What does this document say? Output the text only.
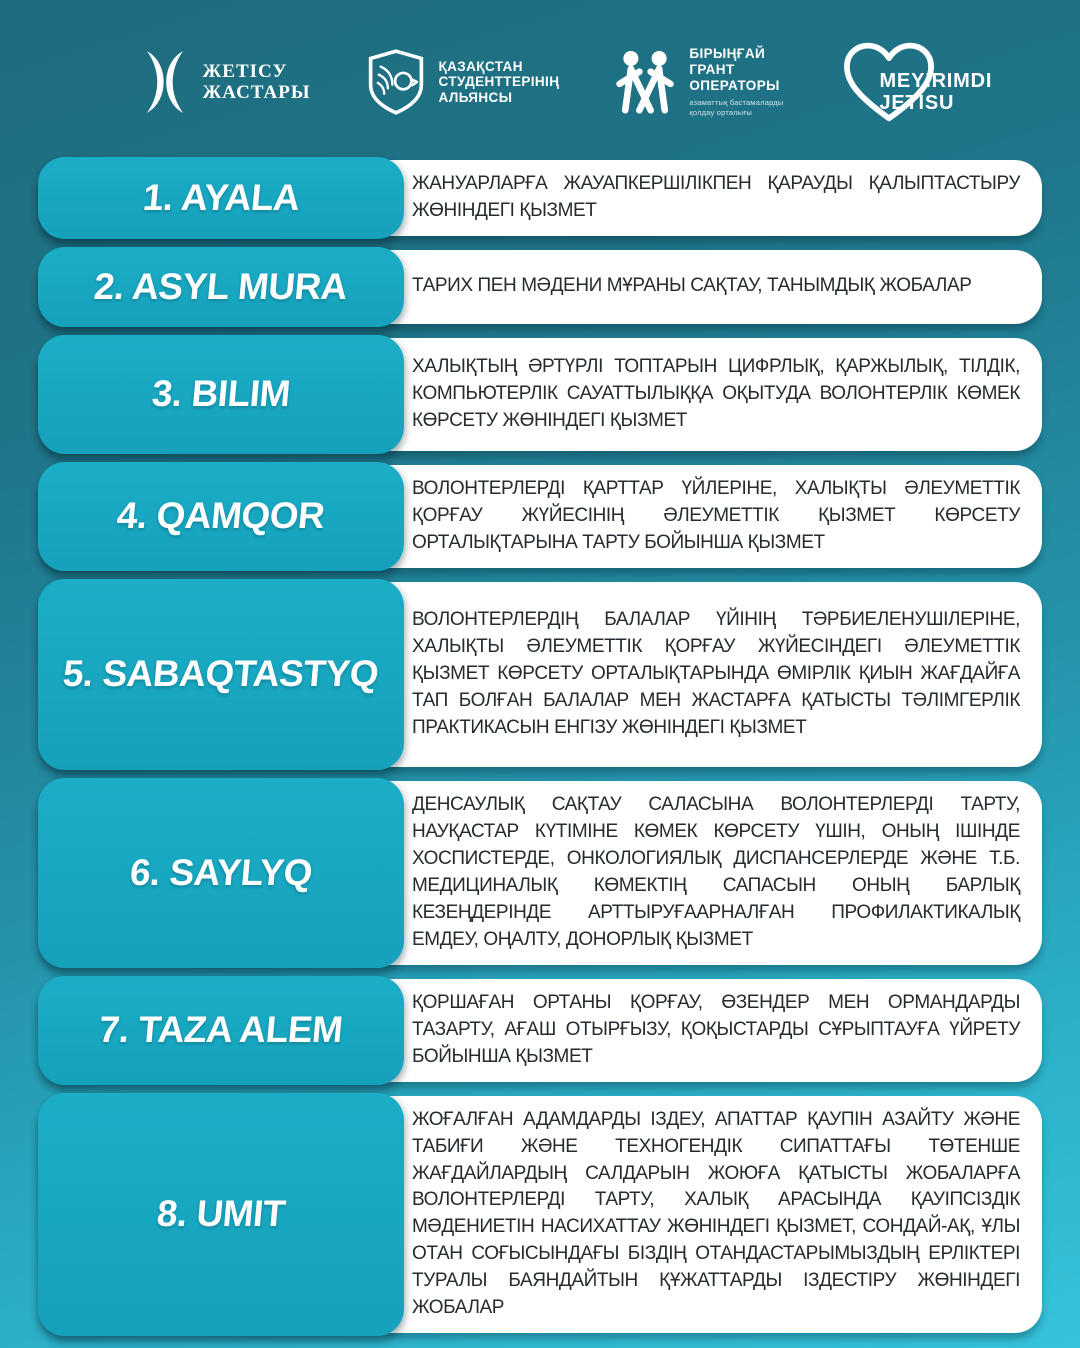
ЖЕТІСУ
ЖАСТАРЫ
ҚАЗАҚСТАН
СТУДЕНТТЕРІНІҢ
АЛЬЯНСЫ
БІРЫҢҒАЙ
ГРАНТ
ОПЕРАТОРЫ
азаматтық бастамаларды
қолдау орталығы
MEYIRIMDI
JETISU

ЖАНУАРЛАРҒА ЖАУАПКЕРШІЛІКПЕН ҚАРАУДЫ ҚАЛЫПТАСТЫРУ ЖӨНІНДЕГІ ҚЫЗМЕТ

1. AYALA

ТАРИХ ПЕН МӘДЕНИ МҰРАНЫ САҚТАУ, ТАНЫМДЫҚ ЖОБАЛАР

2. ASYL MURA

ХАЛЫҚТЫҢ ӘРТҮРЛІ ТОПТАРЫН ЦИФРЛЫҚ, ҚАРЖЫЛЫҚ, ТІЛДІК, КОМПЬЮТЕРЛІК САУАТТЫЛЫҚҚА ОҚЫТУДА ВОЛОНТЕРЛІК КӨМЕК КӨРСЕТУ ЖӨНІНДЕГІ ҚЫЗМЕТ

3. BILIM

ВОЛОНТЕРЛЕРДІ ҚАРТТАР ҮЙЛЕРІНЕ, ХАЛЫҚТЫ ӘЛЕУМЕТТІК ҚОРҒАУ ЖҮЙЕСІНІҢ ӘЛЕУМЕТТІК ҚЫЗМЕТ КӨРСЕТУ ОРТАЛЫҚТАРЫНА ТАРТУ БОЙЫНША ҚЫЗМЕТ

4. QAMQOR

ВОЛОНТЕРЛЕРДІҢ БАЛАЛАР ҮЙІНІҢ ТӘРБИЕЛЕНУШІЛЕРІНЕ, ХАЛЫҚТЫ ӘЛЕУМЕТТІК ҚОРҒАУ ЖҮЙЕСІНДЕГІ ӘЛЕУМЕТТІК ҚЫЗМЕТ КӨРСЕТУ ОРТАЛЫҚТАРЫНДА ӨМІРЛІК ҚИЫН ЖАҒДАЙҒА ТАП БОЛҒАН БАЛАЛАР МЕН ЖАСТАРҒА ҚАТЫСТЫ ТӘЛІМГЕРЛІК ПРАКТИКАСЫН ЕНГІЗУ ЖӨНІНДЕГІ ҚЫЗМЕТ

5. SABAQTASTYQ

ДЕНСАУЛЫҚ САҚТАУ САЛАСЫНА ВОЛОНТЕРЛЕРДІ ТАРТУ, НАУҚАСТАР КҮТІМІНЕ КӨМЕК КӨРСЕТУ ҮШІН, ОНЫҢ ІШІНДЕ ХОСПИСТЕРДЕ, ОНКОЛОГИЯЛЫҚ ДИСПАНСЕРЛЕРДЕ ЖӘНЕ Т.Б. МЕДИЦИНАЛЫҚ КӨМЕКТІҢ САПАСЫН ОНЫҢ БАРЛЫҚ КЕЗЕҢДЕРІНДЕ АРТТЫРУҒААРНАЛҒАН ПРОФИЛАКТИКАЛЫҚ ЕМДЕУ, ОҢАЛТУ, ДОНОРЛЫҚ ҚЫЗМЕТ

6. SAYLYQ

ҚОРШАҒАН ОРТАНЫ ҚОРҒАУ, ӨЗЕНДЕР МЕН ОРМАНДАРДЫ ТАЗАРТУ, АҒАШ ОТЫРҒЫЗУ, ҚОҚЫСТАРДЫ СҰРЫПТАУҒА ҮЙРЕТУ БОЙЫНША ҚЫЗМЕТ

7. TAZA ALEM

ЖОҒАЛҒАН АДАМДАРДЫ ІЗДЕУ, АПАТТАР ҚАУПІН АЗАЙТУ ЖӘНЕ ТАБИҒИ ЖӘНЕ ТЕХНОГЕНДІК СИПАТТАҒЫ ТӨТЕНШЕ ЖАҒДАЙЛАРДЫҢ САЛДАРЫН ЖОЮҒА ҚАТЫСТЫ ЖОБАЛАРҒА ВОЛОНТЕРЛЕРДІ ТАРТУ, ХАЛЫҚ АРАСЫНДА ҚАУІПСІЗДІК МӘДЕНИЕТІН НАСИХАТТАУ ЖӨНІНДЕГІ ҚЫЗМЕТ, СОНДАЙ-АҚ, ҰЛЫ ОТАН СОҒЫСЫНДАҒЫ БІЗДІҢ ОТАНДАСТАРЫМЫЗДЫҢ ЕРЛІКТЕРІ ТУРАЛЫ БАЯНДАЙТЫН ҚҰЖАТТАРДЫ ІЗДЕСТІРУ ЖӨНІНДЕГІ ЖОБАЛАР

8. UMIT
